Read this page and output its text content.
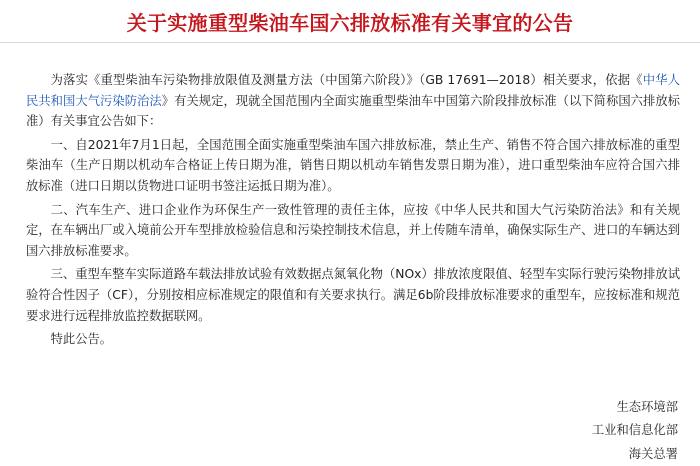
关于实施重型柴油车国六排放标准有关事宜的公告

为落实《重型柴油车污染物排放限值及测量方法（中国第六阶段）》（GB 17691—2018）相关要求，依据《中华人民共和国大气污染防治法》有关规定，现就全国范围内全面实施重型柴油车中国第六阶段排放标准（以下简称国六排放标准）有关事宜公告如下：

一、自2021年7月1日起，全国范围全面实施重型柴油车国六排放标准，禁止生产、销售不符合国六排放标准的重型柴油车（生产日期以机动车合格证上传日期为准，销售日期以机动车销售发票日期为准），进口重型柴油车应符合国六排放标准（进口日期以货物进口证明书签注运抵日期为准）。

二、汽车生产、进口企业作为环保生产一致性管理的责任主体，应按《中华人民共和国大气污染防治法》和有关规定，在车辆出厂或入境前公开车型排放检验信息和污染控制技术信息，并上传随车清单，确保实际生产、进口的车辆达到国六排放标准要求。

三、重型车整车实际道路车载法排放试验有效数据点氮氧化物（NOx）排放浓度限值、轻型车实际行驶污染物排放试验符合性因子（CF），分别按相应标准规定的限值和有关要求执行。满足6b阶段排放标准要求的重型车，应按标准和规范要求进行远程排放监控数据联网。

特此公告。

生态环境部
工业和信息化部
海关总署
